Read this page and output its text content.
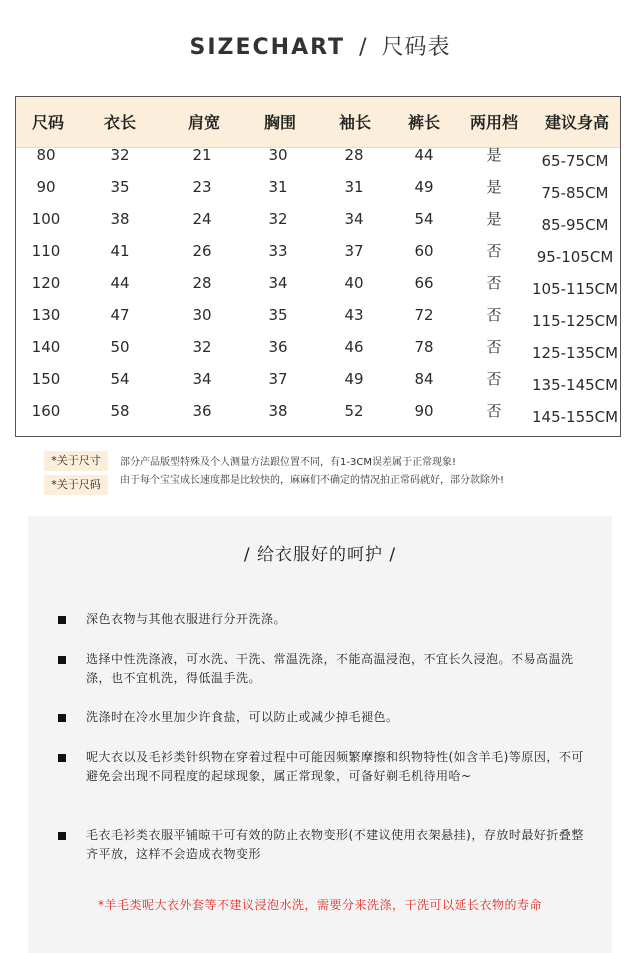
SIZECHART / 尺码表
尺码	衣长	肩宽	胸围	袖长	裤长	两用档	建议身高
80	32	21	30	28	44	是	65-75CM
90	35	23	31	31	49	是	75-85CM
100	38	24	32	34	54	是	85-95CM
110	41	26	33	37	60	否	95-105CM
120	44	28	34	40	66	否	105-115CM
130	47	30	35	43	72	否	115-125CM
140	50	32	36	46	78	否	125-135CM
150	54	34	37	49	84	否	135-145CM
160	58	36	38	52	90	否	145-155CM
*关于尺寸	部分产品版型特殊及个人测量方法跟位置不同，有1-3CM误差属于正常现象!
*关于尺码	由于每个宝宝成长速度都是比较快的，麻麻们不确定的情况拍正常码就好，部分款除外!
/ 给衣服好的呵护 /
深色衣物与其他衣服进行分开洗涤。
选择中性洗涤液，可水洗、干洗、常温洗涤，不能高温浸泡，不宜长久浸泡。不易高温洗涤，也不宜机洗，得低温手洗。
洗涤时在冷水里加少许食盐，可以防止或减少掉毛褪色。
呢大衣以及毛衫类针织物在穿着过程中可能因频繁摩擦和织物特性(如含羊毛)等原因，不可避免会出现不同程度的起球现象，属正常现象，可备好剃毛机待用哈~
毛衣毛衫类衣服平铺晾干可有效的防止衣物变形(不建议使用衣架悬挂)，存放时最好折叠整齐平放，这样不会造成衣物变形
*羊毛类呢大衣外套等不建议浸泡水洗，需要分来洗涤，干洗可以延长衣物的寿命
